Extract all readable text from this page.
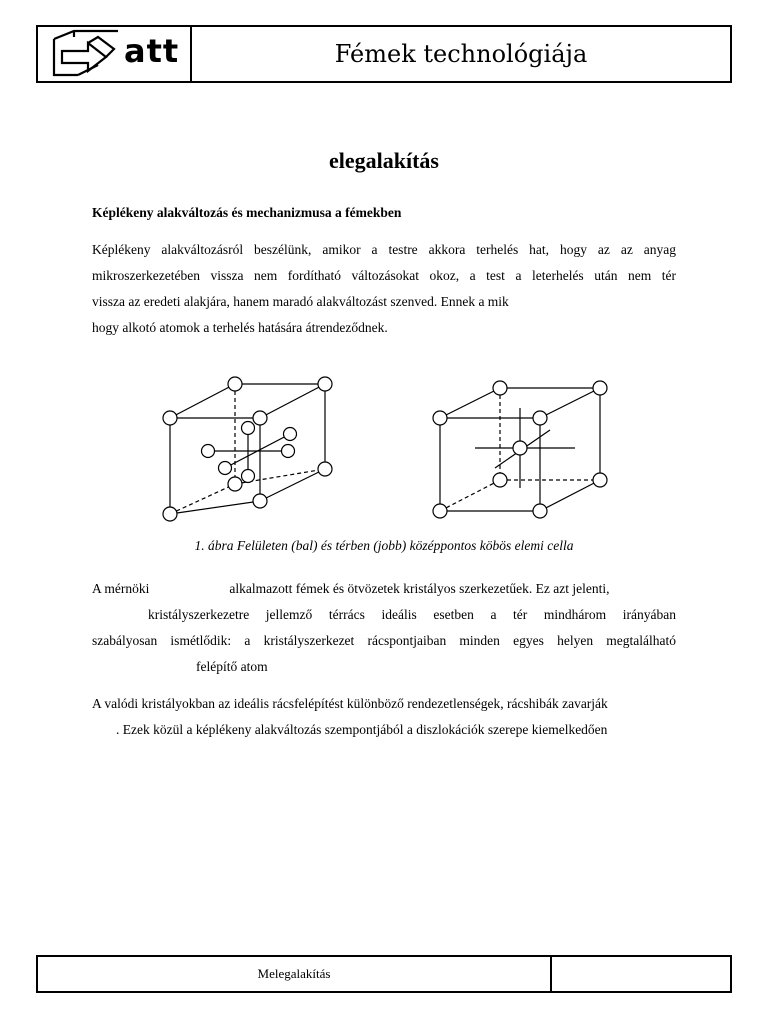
att	Fémek technológiája
elegalakítás
Képlékeny alakváltozás és mechanizmusa a fémekben
Képlékeny alakváltozásról beszélünk, amikor a testre akkora terhelés hat, hogy az az anyag
mikroszerkezetében vissza nem fordítható változásokat okoz, a test a leterhelés után nem tér
vissza az eredeti alakjára, hanem maradó alakváltozást szenved. Ennek a mik
hogy alkotó atomok a terhelés hatására átrendeződnek.
1. ábra Felületen (bal) és térben (jobb) középpontos köbös elemi cella
A mérnöki	alkalmazott fémek és ötvözetek kristályos szerkezetűek. Ez azt jelenti,
kristályszerkezetre jellemző térrács ideális esetben a tér mindhárom irányában
szabályosan ismétlődik: a kristályszerkezet rácspontjaiban minden egyes helyen megtalálható
felépítő atom
A valódi kristályokban az ideális rácsfelépítést különböző rendezetlenségek, rácshibák zavarják
. Ezek közül a képlékeny alakváltozás szempontjából a diszlokációk szerepe kiemelkedően
Melegalakítás
